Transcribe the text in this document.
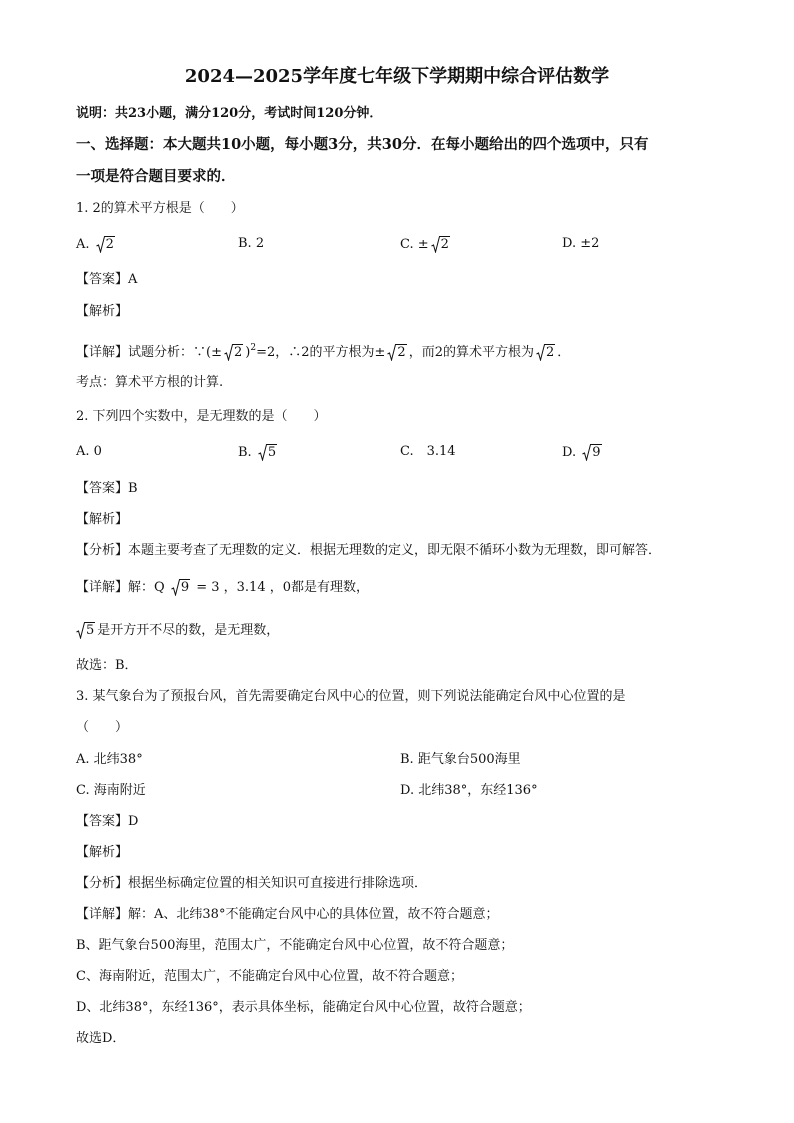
2024—2025学年度七年级下学期期中综合评估数学
说明：共23小题，满分120分，考试时间120分钟．
一、选择题：本大题共10小题，每小题3分，共30分．在每小题给出的四个选项中，只有
一项是符合题目要求的．
1. 2的算术平方根是（　　）
A. 2	B. 2	C. ± 2	D. ±2
【答案】A
【解析】
【详解】试题分析：∵(± 2 )$^2$=2，∴2的平方根为± 2 ，而2的算术平方根为 2 ．
考点：算术平方根的计算.
2. 下列四个实数中，是无理数的是（　　）
A. 0	B. 5	C.　3.14	D. 9
【答案】B
【解析】
【分析】本题主要考查了无理数的定义．根据无理数的定义，即无限不循环小数为无理数，即可解答．
【详解】解：Q
9 = 3 ，3.14 ，0都是有理数，
5 是开方开不尽的数，是无理数，
故选：B．
3. 某气象台为了预报台风，首先需要确定台风中心的位置，则下列说法能确定台风中心位置的是
（　　）
A. 北纬38°	B. 距气象台500海里
C. 海南附近	D. 北纬38°，东经136°
【答案】D
【解析】
【分析】根据坐标确定位置的相关知识可直接进行排除选项．
【详解】解：A、北纬38°不能确定台风中心的具体位置，故不符合题意；
B、距气象台500海里，范围太广，不能确定台风中心位置，故不符合题意；
C、海南附近，范围太广，不能确定台风中心位置，故不符合题意；
D、北纬38°，东经136°，表示具体坐标，能确定台风中心位置，故符合题意；
故选D．
